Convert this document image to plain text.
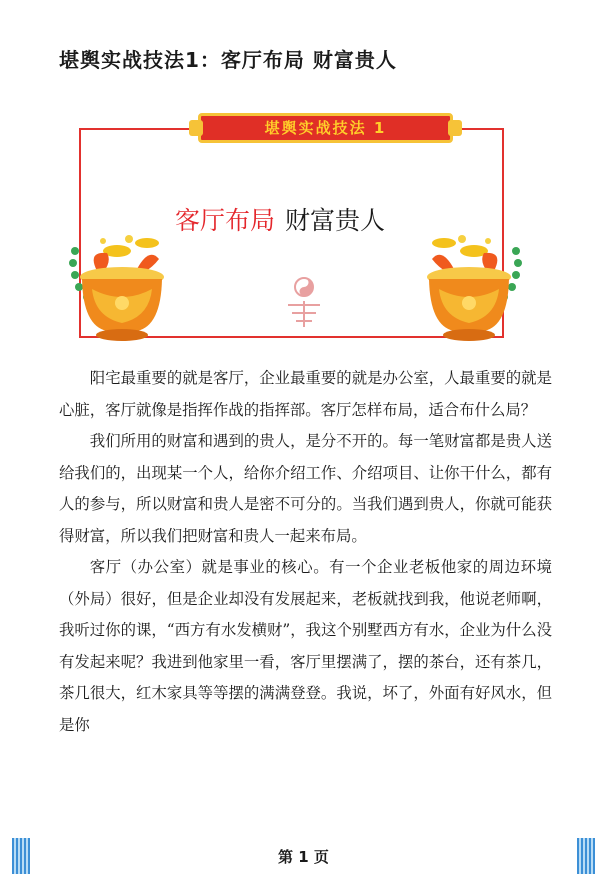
堪舆实战技法1：客厅布局 财富贵人
堪舆实战技法 1
客厅布局 财富贵人

阳宅最重要的就是客厅，企业最重要的就是办公室，人最重要的就是心脏，客厅就像是指挥作战的指挥部。客厅怎样布局，适合布什么局？

我们所用的财富和遇到的贵人，是分不开的。每一笔财富都是贵人送给我们的，出现某一个人，给你介绍工作、介绍项目、让你干什么，都有人的参与，所以财富和贵人是密不可分的。当我们遇到贵人，你就可能获得财富，所以我们把财富和贵人一起来布局。

客厅（办公室）就是事业的核心。有一个企业老板他家的周边环境（外局）很好，但是企业却没有发展起来，老板就找到我，他说老师啊，我听过你的课，“西方有水发横财”，我这个别墅西方有水，企业为什么没有发起来呢？我进到他家里一看，客厅里摆满了，摆的茶台，还有茶几，茶几很大，红木家具等等摆的满满登登。我说，坏了，外面有好风水，但是你

第 1 页
